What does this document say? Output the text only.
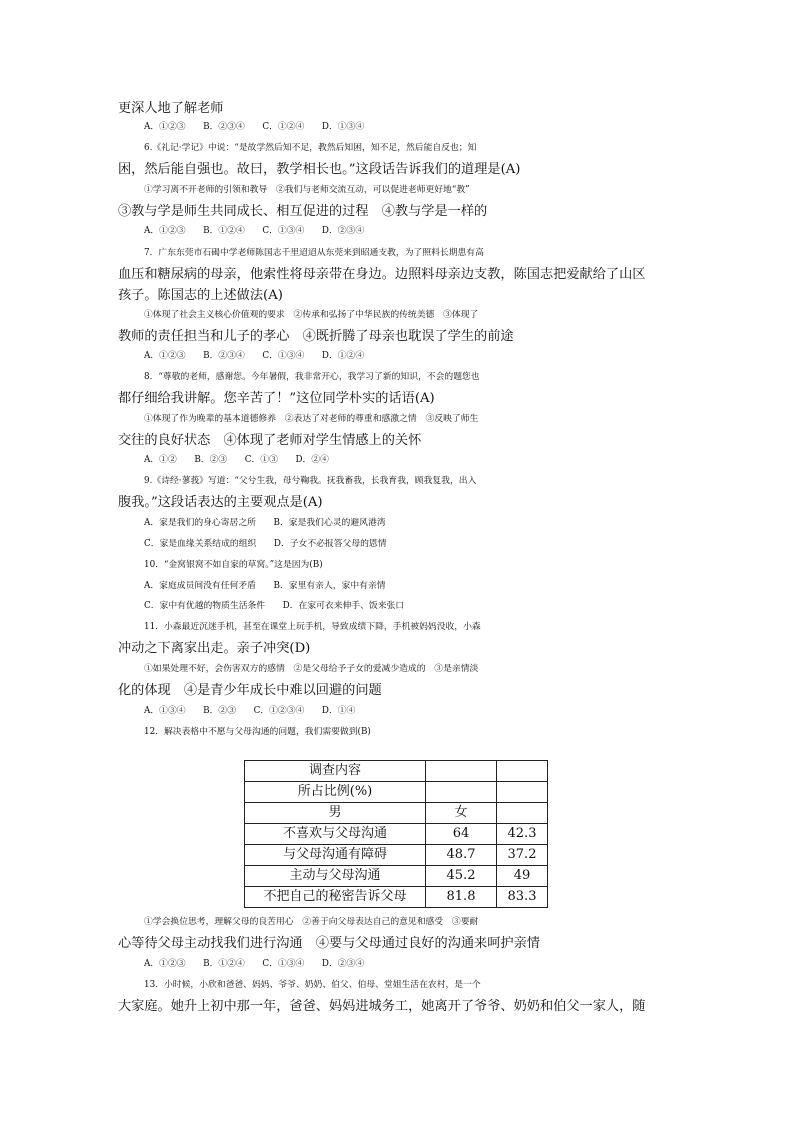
更深人地了解老师
A．①②③　　B．②③④　　C．①②④　　D．①③④
6.《礼记·学记》中说：“是故学然后知不足，教然后知困，知不足，然后能自反也；知
困，然后能自强也。故曰，教学相长也。”这段话告诉我们的道理是(A)
①学习离不开老师的引领和教导　②我们与老师交流互动，可以促进老师更好地“教”
③教与学是师生共同成长、相互促进的过程　④教与学是一样的
A．①②③　　B．①②④　　C．①③④　　D．②③④
7．广东东莞市石碣中学老师陈国志千里迢迢从东莞来到昭通支教，为了照料长期患有高
血压和糖尿病的母亲，他索性将母亲带在身边。边照料母亲边支教，陈国志把爱献给了山区
孩子。陈国志的上述做法(A)
①体现了社会主义核心价值观的要求　②传承和弘扬了中华民族的传统美德　③体现了
教师的责任担当和儿子的孝心　④既折腾了母亲也耽误了学生的前途
A．①②③　　B．②③④　　C．①③④　　D．①②④
8．“尊敬的老师，感谢您。今年暑假，我非常开心，我学习了新的知识，不会的题您也
都仔细给我讲解。您辛苦了！”这位同学朴实的话语(A)
①体现了作为晚辈的基本道德修养　②表达了对老师的尊重和感激之情　③反映了师生
交往的良好状态　④体现了老师对学生情感上的关怀
A．①②　　B．②③　　C．①③　　D．②④
9.《诗经·蓼莪》写道：“父兮生我，母兮鞠我。抚我畜我，长我育我，顾我复我，出入
腹我。”这段话表达的主要观点是(A)
A．家是我们的身心寄居之所　　B．家是我们心灵的避风港湾
C．家是血缘关系结成的组织　　D．子女不必报答父母的恩情
10．“金窝银窝不如自家的草窝。”这是因为(B)
A．家庭成员间没有任何矛盾　　B．家里有亲人，家中有亲情
C．家中有优越的物质生活条件　　D．在家可衣来伸手、饭来张口
11．小森最近沉迷手机，甚至在课堂上玩手机，导致成绩下降，手机被妈妈没收，小森
冲动之下离家出走。亲子冲突(D)
①如果处理不好，会伤害双方的感情　②是父母给予子女的爱减少造成的　③是亲情淡
化的体现　④是青少年成长中难以回避的问题
A．①③④　　B．②③　　C．①②③④　　D．①④
12．解决表格中不愿与父母沟通的问题，我们需要做到(B)
调查内容		
所占比例(%)		
男	女	
不喜欢与父母沟通	64	42.3
与父母沟通有障碍	48.7	37.2
主动与父母沟通	45.2	49
不把自己的秘密告诉父母	81.8	83.3
①学会换位思考，理解父母的良苦用心　②善于向父母表达自己的意见和感受　③要耐
心等待父母主动找我们进行沟通　④要与父母通过良好的沟通来呵护亲情
A．①②③　　B．①②④　　C．①③④　　D．②③④
13．小时候，小欣和爸爸、妈妈、爷爷、奶奶、伯父、伯母、堂姐生活在农村，是一个
大家庭。她升上初中那一年，爸爸、妈妈进城务工，她离开了爷爷、奶奶和伯父一家人，随
